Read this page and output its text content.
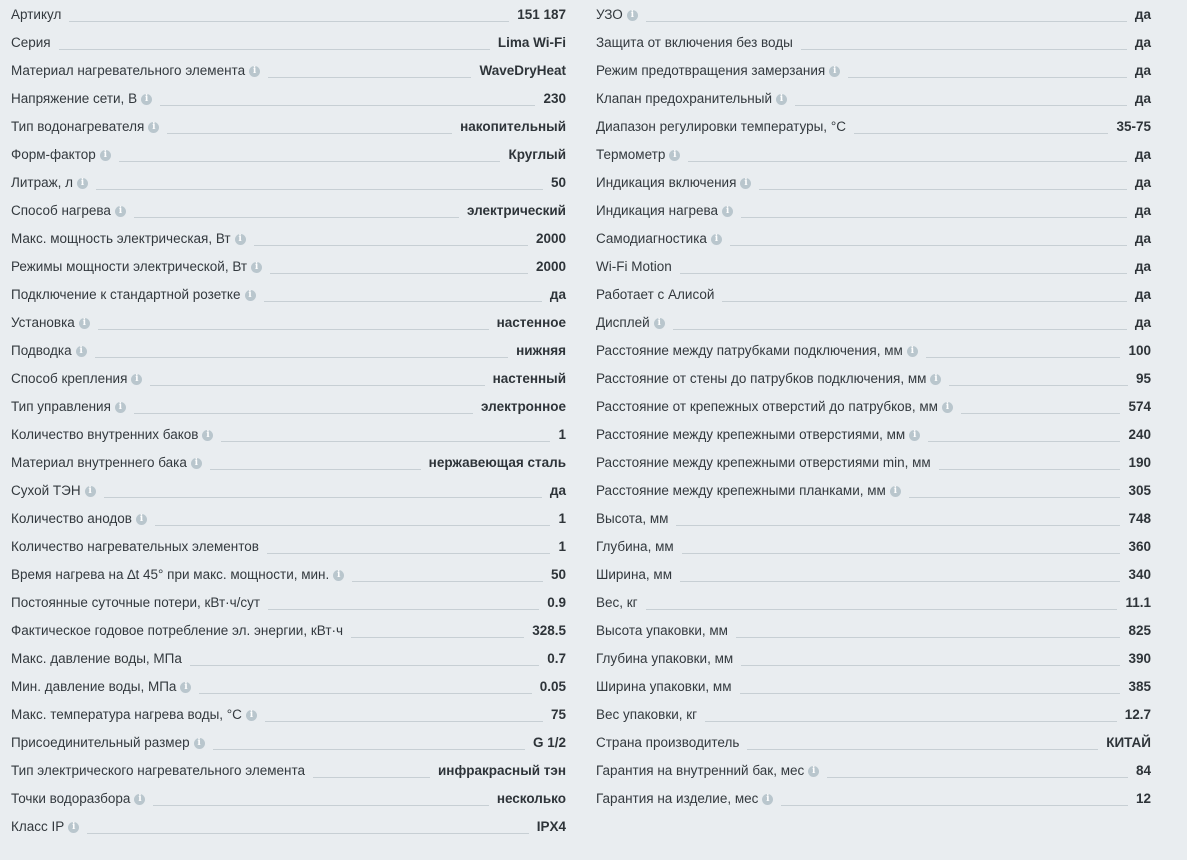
Артикул	151 187
Серия	Lima Wi-Fi
Материал нагревательного элемента i	WaveDryHeat
Напряжение сети, В i	230
Тип водонагревателя i	накопительный
Форм-фактор i	Круглый
Литраж, л i	50
Способ нагрева i	электрический
Макс. мощность электрическая, Вт i	2000
Режимы мощности электрической, Вт i	2000
Подключение к стандартной розетке i	да
Установка i	настенное
Подводка i	нижняя
Способ крепления i	настенный
Тип управления i	электронное
Количество внутренних баков i	1
Материал внутреннего бака i	нержавеющая сталь
Сухой ТЭН i	да
Количество анодов i	1
Количество нагревательных элементов	1
Время нагрева на ∆t 45° при макс. мощности, мин. i	50
Постоянные суточные потери, кВт·ч/сут	0.9
Фактическое годовое потребление эл. энергии, кВт·ч	328.5
Макс. давление воды, МПа	0.7
Мин. давление воды, МПа i	0.05
Макс. температура нагрева воды, °С i	75
Присоединительный размер i	G 1/2
Тип электрического нагревательного элемента	инфракрасный тэн
Точки водоразбора i	несколько
Класс IP i	IPX4
УЗО i	да
Защита от включения без воды	да
Режим предотвращения замерзания i	да
Клапан предохранительный i	да
Диапазон регулировки температуры, °С	35-75
Термометр i	да
Индикация включения i	да
Индикация нагрева i	да
Самодиагностика i	да
Wi-Fi Motion	да
Работает с Алисой	да
Дисплей i	да
Расстояние между патрубками подключения, мм i	100
Расстояние от стены до патрубков подключения, мм i	95
Расстояние от крепежных отверстий до патрубков, мм i	574
Расстояние между крепежными отверстиями, мм i	240
Расстояние между крепежными отверстиями min, мм	190
Расстояние между крепежными планками, мм i	305
Высота, мм	748
Глубина, мм	360
Ширина, мм	340
Вес, кг	11.1
Высота упаковки, мм	825
Глубина упаковки, мм	390
Ширина упаковки, мм	385
Вес упаковки, кг	12.7
Страна производитель	КИТАЙ
Гарантия на внутренний бак, мес i	84
Гарантия на изделие, мес i	12
